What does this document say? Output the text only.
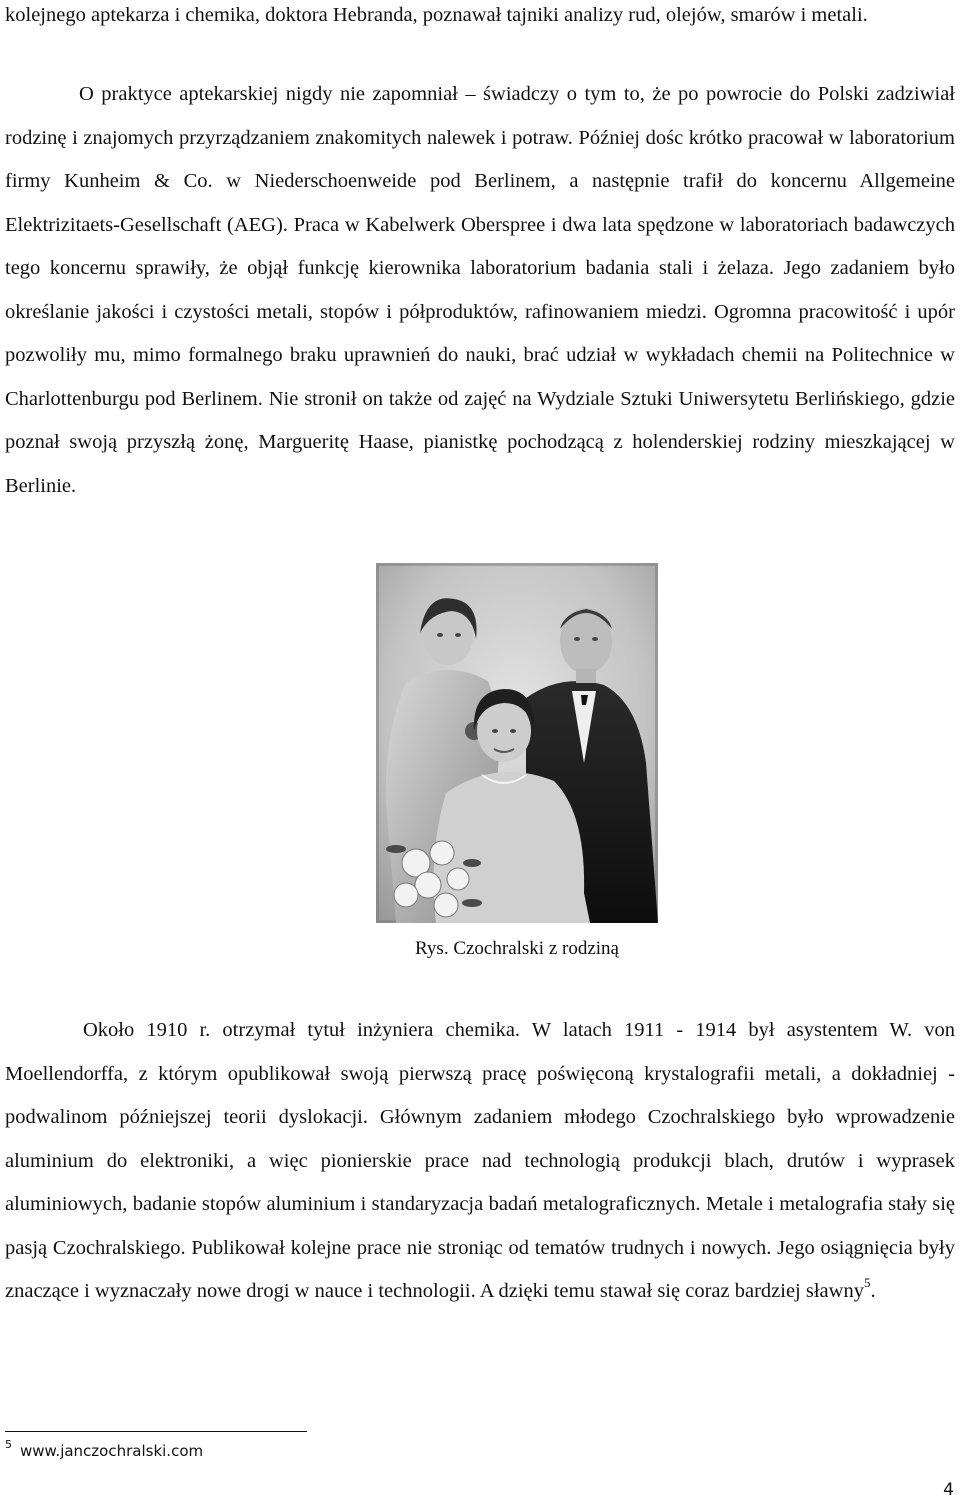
kolejnego aptekarza i chemika, doktora Hebranda, poznawał tajniki analizy rud, olejów, smarów i metali.

O praktyce aptekarskiej nigdy nie zapomniał – świadczy o tym to, że po powrocie do Polski zadziwiał rodzinę i znajomych przyrządzaniem znakomitych nalewek i potraw. Później dośc krótko pracował w laboratorium firmy Kunheim & Co. w Niederschoenweide pod Berlinem, a następnie trafił do koncernu Allgemeine Elektrizitaets-Gesellschaft (AEG). Praca w Kabelwerk Oberspree i dwa lata spędzone w laboratoriach badawczych tego koncernu sprawiły, że objął funkcję kierownika laboratorium badania stali i żelaza. Jego zadaniem było określanie jakości i czystości metali, stopów i półproduktów, rafinowaniem miedzi. Ogromna pracowitość i upór pozwoliły mu, mimo formalnego braku uprawnień do nauki, brać udział w wykładach chemii na Politechnice w Charlottenburgu pod Berlinem. Nie stronił on także od zajęć na Wydziale Sztuki Uniwersytetu Berlińskiego, gdzie poznał swoją przyszłą żonę, Margueritę Haase, pianistkę pochodzącą z holenderskiej rodziny mieszkającej w Berlinie.

Rys. Czochralski z rodziną

Około 1910 r. otrzymał tytuł inżyniera chemika. W latach 1911 - 1914 był asystentem W. von Moellendorffa, z którym opublikował swoją pierwszą pracę poświęconą krystalografii metali, a dokładniej - podwalinom późniejszej teorii dyslokacji. Głównym zadaniem młodego Czochralskiego było wprowadzenie aluminium do elektroniki, a więc pionierskie prace nad technologią produkcji blach, drutów i wyprasek aluminiowych, badanie stopów aluminium i standaryzacja badań metalograficznych. Metale i metalografia stały się pasją Czochralskiego. Publikował kolejne prace nie stroniąc od tematów trudnych i nowych. Jego osiągnięcia były znaczące i wyznaczały nowe drogi w nauce i technologii. A dzięki temu stawał się coraz bardziej sławny$^5$.

$^5$ www.janczochralski.com
4
